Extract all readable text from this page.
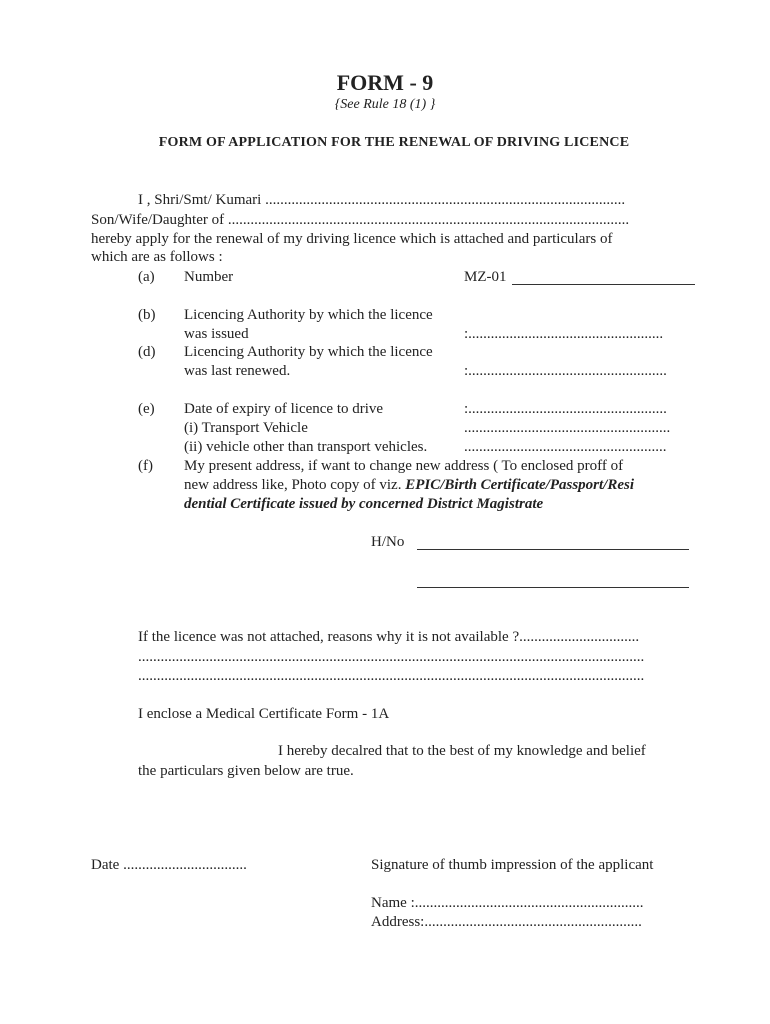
FORM - 9
{See Rule 18 (1) }
FORM OF APPLICATION FOR THE RENEWAL OF DRIVING LICENCE
I , Shri/Smt/ Kumari ................................................................................................
Son/Wife/Daughter of ...........................................................................................................
hereby apply for the renewal of my driving licence which is attached and particulars of
which are as follows :
(a) Number	MZ-01
(b) Licencing Authority by which the licence
was issued	:....................................................
(d) Licencing Authority by which the licence
was last renewed.	:.....................................................
(e) Date of expiry of licence to drive	:.....................................................
(i) Transport Vehicle	.......................................................
(ii) vehicle other than transport vehicles. ......................................................
(f) My present address, if want to change new address ( To enclosed proff of
new address like, Photo copy of viz. EPIC/Birth Certificate/Passport/Resi
dential Certificate issued by concerned District Magistrate
H/No
If the licence was not attached, reasons why it is not available ?................................
.......................................................................................................................................
.......................................................................................................................................
I enclose a Medical Certificate Form - 1A
I hereby decalred that to the best of my knowledge and belief
the particulars given below are true.
Date .................................	Signature of thumb impression of the applicant
Name :.............................................................
Address:..........................................................
